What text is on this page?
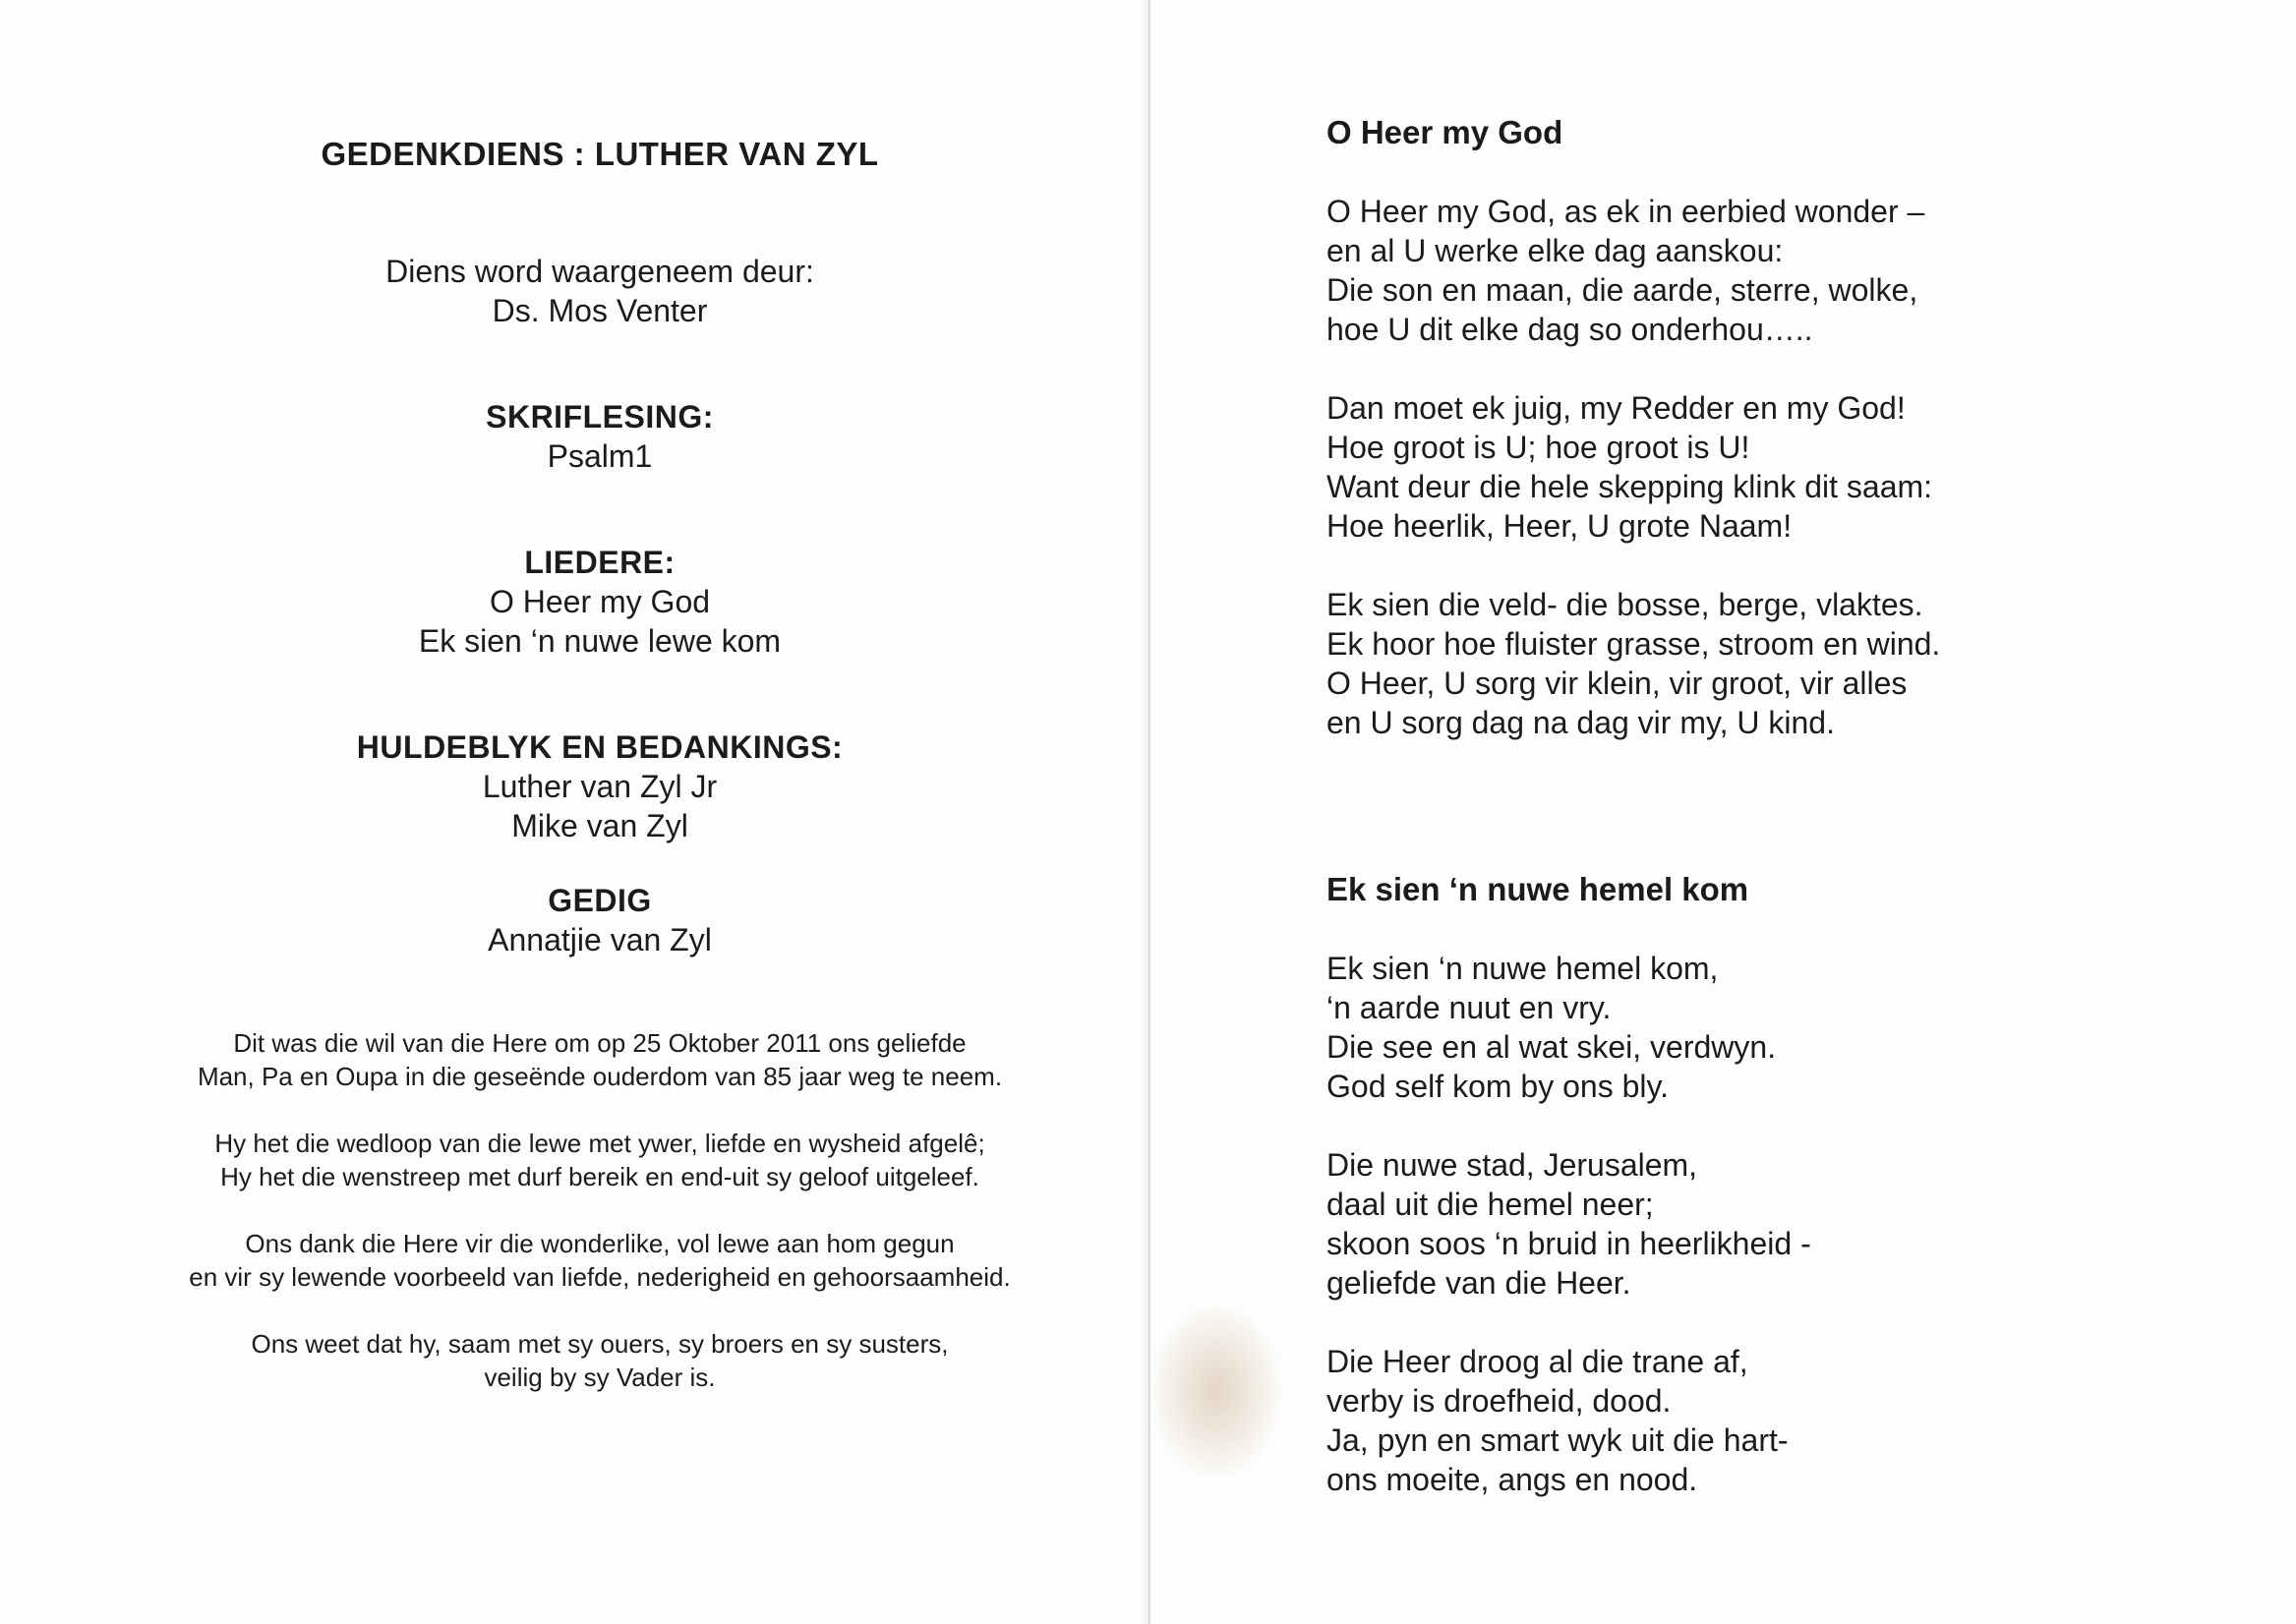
GEDENKDIENS : LUTHER VAN ZYL
Diens word waargeneem deur:
Ds. Mos Venter
SKRIFLESING:
Psalm1
LIEDERE:
O Heer my God
Ek sien ‘n nuwe lewe kom
HULDEBLYK EN BEDANKINGS:
Luther van Zyl Jr
Mike van Zyl
GEDIG
Annatjie van Zyl

Dit was die wil van die Here om op 25 Oktober 2011 ons geliefde
Man, Pa en Oupa in die geseënde ouderdom van 85 jaar weg te neem.

Hy het die wedloop van die lewe met ywer, liefde en wysheid afgelê;
Hy het die wenstreep met durf bereik en end-uit sy geloof uitgeleef.

Ons dank die Here vir die wonderlike, vol lewe aan hom gegun
en vir sy lewende voorbeeld van liefde, nederigheid en gehoorsaamheid.

Ons weet dat hy, saam met sy ouers, sy broers en sy susters,
veilig by sy Vader is.

O Heer my God
O Heer my God, as ek in eerbied wonder –
en al U werke elke dag aanskou:
Die son en maan, die aarde, sterre, wolke,
hoe U dit elke dag so onderhou…..
Dan moet ek juig, my Redder en my God!
Hoe groot is U; hoe groot is U!
Want deur die hele skepping klink dit saam:
Hoe heerlik, Heer, U grote Naam!
Ek sien die veld- die bosse, berge, vlaktes.
Ek hoor hoe fluister grasse, stroom en wind.
O Heer, U sorg vir klein, vir groot, vir alles
en U sorg dag na dag vir my, U kind.
Ek sien ‘n nuwe hemel kom
Ek sien ‘n nuwe hemel kom,
‘n aarde nuut en vry.
Die see en al wat skei, verdwyn.
God self kom by ons bly.
Die nuwe stad, Jerusalem,
daal uit die hemel neer;
skoon soos ‘n bruid in heerlikheid -
geliefde van die Heer.
Die Heer droog al die trane af,
verby is droefheid, dood.
Ja, pyn en smart wyk uit die hart-
ons moeite, angs en nood.
